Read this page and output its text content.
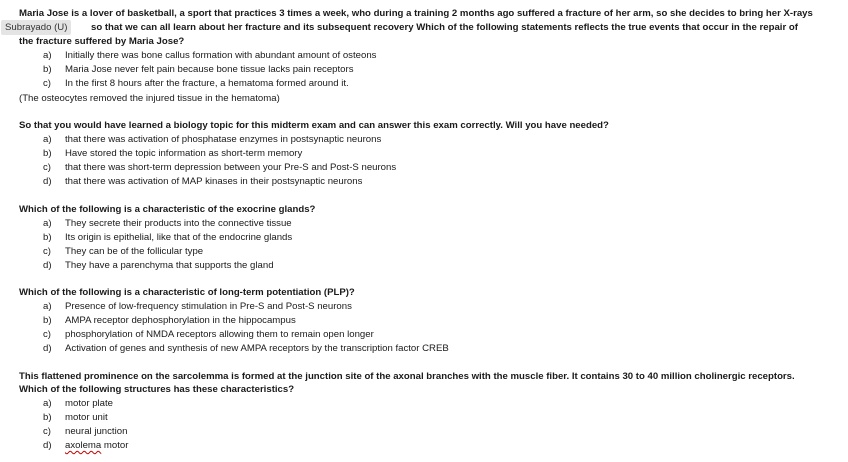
Maria Jose is a lover of basketball, a sport that practices 3 times a week, who during a training 2 months ago suffered a fracture of her arm, so she decides to bring her X-rays
so that we can all learn about her fracture and its subsequent recovery Which of the following statements reflects the true events that occur in the repair of
the fracture suffered by Maria Jose?
Subrayado (U)
a) Initially there was bone callus formation with abundant amount of osteons
b) Maria Jose never felt pain because bone tissue lacks pain receptors
c) In the first 8 hours after the fracture, a hematoma formed around it.
(The osteocytes removed the injured tissue in the hematoma)
So that you would have learned a biology topic for this midterm exam and can answer this exam correctly. Will you have needed?
a) that there was activation of phosphatase enzymes in postsynaptic neurons
b) Have stored the topic information as short-term memory
c) that there was short-term depression between your Pre-S and Post-S neurons
d) that there was activation of MAP kinases in their postsynaptic neurons
Which of the following is a characteristic of the exocrine glands?
a) They secrete their products into the connective tissue
b) Its origin is epithelial, like that of the endocrine glands
c) They can be of the follicular type
d) They have a parenchyma that supports the gland
Which of the following is a characteristic of long-term potentiation (PLP)?
a) Presence of low-frequency stimulation in Pre-S and Post-S neurons
b) AMPA receptor dephosphorylation in the hippocampus
c) phosphorylation of NMDA receptors allowing them to remain open longer
d) Activation of genes and synthesis of new AMPA receptors by the transcription factor CREB
This flattened prominence on the sarcolemma is formed at the junction site of the axonal branches with the muscle fiber. It contains 30 to 40 million cholinergic receptors.
Which of the following structures has these characteristics?
a) motor plate
b) motor unit
c) neural junction
d) axolema motor
